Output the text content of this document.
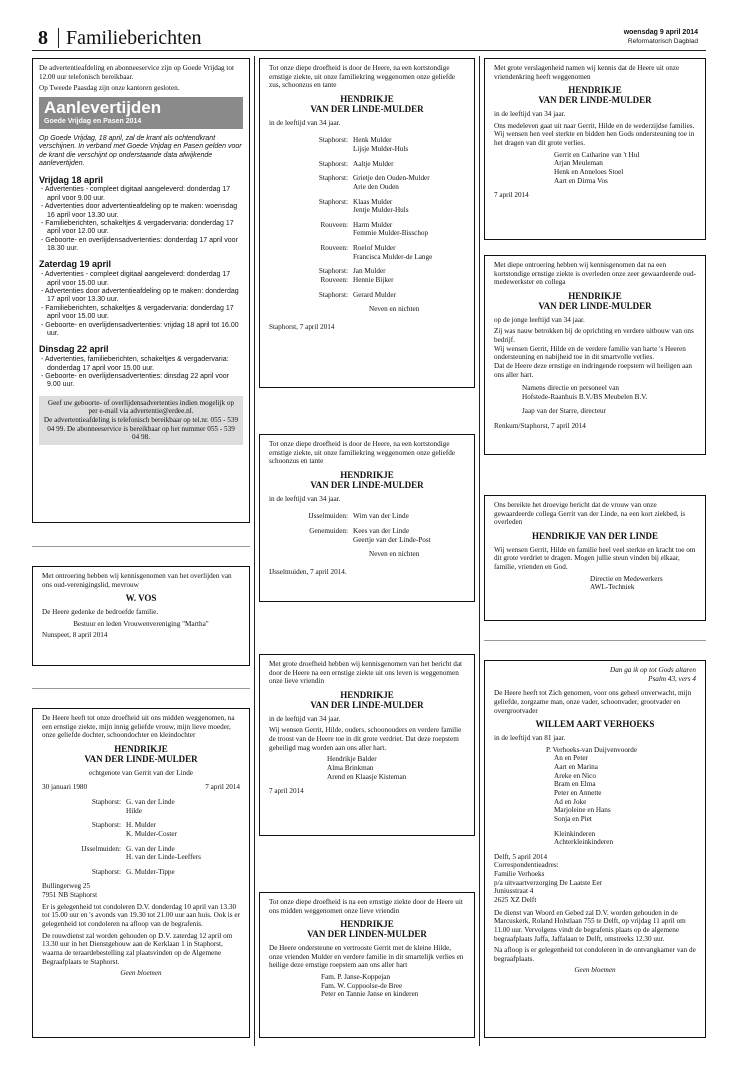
8 Familieberichten	woensdag 9 april 2014
Reformatorisch Dagblad

De advertentieafdeling en abonneeservice zijn op Goede Vrijdag tot 12.00 uur telefonisch bereikbaar.

Op Tweede Paasdag zijn onze kantoren gesloten.

Aanlevertijden
Goede Vrijdag en Pasen 2014

Op Goede Vrijdag, 18 april, zal de krant als ochtendkrant verschijnen. In verband met Goede Vrijdag en Pasen gelden voor de krant die verschijnt op onderstaande data afwijkende aanlevertijden.

Vrijdag 18 april
- Advertenties - compleet digitaal aangeleverd: donderdag 17 april voor 9.00 uur.
- Advertenties door advertentieafdeling op te maken: woensdag 16 april voor 13.30 uur.
- Familieberichten, schakeltjes & vergadervaria: donderdag 17 april voor 12.00 uur.
- Geboorte- en overlijdensadvertenties: donderdag 17 april voor 18.30 uur.
Zaterdag 19 april
- Advertenties - compleet digitaal aangeleverd: donderdag 17 april voor 15.00 uur.
- Advertenties door advertentieafdeling op te maken: donderdag 17 april voor 13.30 uur.
- Familieberichten, schakeltjes & vergadervaria: donderdag 17 april voor 15.00 uur.
- Geboorte- en overlijdensadvertenties: vrijdag 18 april tot 16.00 uur.
Dinsdag 22 april
- Advertenties, familieberichten, schakeltjes & vergadervaria: donderdag 17 april voor 15.00 uur.
- Geboorte- en overlijdensadvertenties: dinsdag 22 april voor 9.00 uur.
Geef uw geboorte- of overlijdensadvertenties indien mogelijk op per e-mail via advertentie@erdee.nl.
De advertentieafdeling is telefonisch bereikbaar op tel.nr. 055 - 539 04 99. De abonneeservice is bereikbaar op het nummer 055 - 539 04 98.

Met ontroering hebben wij kennisgenomen van het overlijden van ons oud-verenigingslid, mevrouw

W. VOS

De Heere gedenke de bedroefde familie.

Bestuur en leden Vrouwenvereniging "Martha"

Nunspeet, 8 april 2014

De Heere heeft tot onze droefheid uit ons midden weggenomen, na een ernstige ziekte, mijn innig geliefde vrouw, mijn lieve moeder, onze geliefde dochter, schoondochter en kleindochter

HENDRIKJE
VAN DER LINDE-MULDER

echtgenote van Gerrit van der Linde

30 januari 1980	7 april 2014
Staphorst: G. van der Linde
Hilde
Staphorst: H. Mulder
K. Mulder-Coster
IJsselmuiden: G. van der Linde
H. van der Linde-Leeffers
Staphorst: G. Mulder-Tippe

Bullingerweg 25
7951 NB Staphorst

Er is gelegenheid tot condoleren D.V. donderdag 10 april van 13.30 tot 15.00 uur en 's avonds van 19.30 tot 21.00 uur aan huis. Ook is er gelegenheid tot condoleren na afloop van de begrafenis.

De rouwdienst zal worden gehouden op D.V. zaterdag 12 april om 13.30 uur in het Dienstgebouw aan de Kerklaan 1 in Staphorst, waarna de teraardebestelling zal plaatsvinden op de Algemene Begraafplaats te Staphorst.

Geen bloemen

Tot onze diepe droefheid is door de Heere, na een kortstondige ernstige ziekte, uit onze familiekring weggenomen onze geliefde zus, schoonzus en tante

HENDRIKJE
VAN DER LINDE-MULDER

in de leeftijd van 34 jaar.

Staphorst: Henk Mulder
Lijsje Mulder-Huls
Staphorst: Aaltje Mulder
Staphorst: Grietje den Ouden-Mulder
Arie den Ouden
Staphorst: Klaas Mulder
Jentje Mulder-Huls
Rouveen: Harm Mulder
Femmie Mulder-Bisschop
Rouveen: Roelof Mulder
Francisca Mulder-de Lange
Staphorst: Jan Mulder
Rouveen: Hennie Bijker
Staphorst: Gerard Mulder

Neven en nichten

Staphorst, 7 april 2014

Tot onze diepe droefheid is door de Heere, na een kortstondige ernstige ziekte, uit onze familiekring weggenomen onze geliefde schoonzus en tante

HENDRIKJE
VAN DER LINDE-MULDER

in de leeftijd van 34 jaar.

IJsselmuiden: Wim van der Linde
Genemuiden: Kees van der Linde
Geertje van der Linde-Post

Neven en nichten

IJsselmuiden, 7 april 2014.

Met grote droefheid hebben wij kennisgenomen van het bericht dat door de Heere na een ernstige ziekte uit ons leven is weggenomen onze lieve vriendin

HENDRIKJE
VAN DER LINDE-MULDER

in de leeftijd van 34 jaar.

Wij wensen Gerrit, Hilde, ouders, schoonouders en verdere familie de troost van de Heere toe in dit grote verdriet. Dat deze roepstem geheiligd mag worden aan ons aller hart.

Hendrikje Balder
Alma Brinkman
Arend en Klaasje Kisteman

7 april 2014

Tot onze diepe droefheid is na een ernstige ziekte door de Heere uit ons midden weggenomen onze lieve vriendin

HENDRIKJE
VAN DER LINDEN-MULDER

De Heere ondersteune en vertrooste Gerrit met de kleine Hilde, onze vrienden Mulder en verdere familie in dit smartelijk verlies en heilige deze ernstige roepstem aan ons aller hart

Fam. P. Janse-Koppejan
Fam. W. Coppoolse-de Bree
Peter en Tannie Janse en kinderen

Met grote verslagenheid namen wij kennis dat de Heere uit onze vriendenkring heeft weggenomen

HENDRIKJE
VAN DER LINDE-MULDER

in de leeftijd van 34 jaar.

Ons medeleven gaat uit naar Gerrit, Hilde en de wederzijdse families. Wij wensen hen veel sterkte en bidden hen Gods ondersteuning toe in het dragen van dit grote verlies.

Gerrit en Catharine van 't Hul
Arjan Meuleman
Henk en Anneloes Stoel
Aart en Dirma Vos

7 april 2014

Met diepe ontroering hebben wij kennisgenomen dat na een kortstondige ernstige ziekte is overleden onze zeer gewaardeerde oud-medewerkster en collega

HENDRIKJE
VAN DER LINDE-MULDER

op de jonge leeftijd van 34 jaar.

Zij was nauw betrokken bij de oprichting en verdere uitbouw van ons bedrijf.
Wij wensen Gerrit, Hilde en de verdere familie van harte 's Heeren ondersteuning en nabijheid toe in dit smartvolle verlies.
Dat de Heere deze ernstige en indringende roepstem wil heiligen aan ons aller hart.
Namens directie en personeel van
Hofstede-Raanhuis B.V./BS Meubelen B.V.
Jaap van der Starre, directeur

Renkum/Staphorst, 7 april 2014

Ons bereikte het droevige bericht dat de vrouw van onze gewaardeerde collega Gerrit van der Linde, na een kort ziekbed, is overleden

HENDRIKJE VAN DER LINDE

Wij wensen Gerrit, Hilde en familie heel veel sterkte en kracht toe om dit grote verdriet te dragen. Mogen jullie steun vinden bij elkaar, familie, vrienden en God.

Directie en Medewerkers
AWL-Techniek
Dan ga ik op tot Gods altaren
Psalm 43, vers 4

De Heere heeft tot Zich genomen, voor ons geheel onverwacht, mijn geliefde, zorgzame man, onze vader, schoonvader, grootvader en overgrootvader

WILLEM AART VERHOEKS

in de leeftijd van 81 jaar.

P. Verhoeks-van Duijvenvoorde
An en Peter
Aart en Marina
Areke en Nico
Bram en Elma
Peter en Annette
Ad en Joke
Marjoleine en Hans
Sonja en Piet
Kleinkinderen
Achterkleinkinderen
Delft, 5 april 2014
Correspondentieadres:
Familie Verhoeks
p/a uitvaartverzorging De Laatste Eer
Juniusstraat 4
2625 XZ Delft

De dienst van Woord en Gebed zal D.V. worden gehouden in de Marcuskerk, Roland Holstlaan 755 te Delft, op vrijdag 11 april om 11.00 uur. Vervolgens vindt de begrafenis plaats op de algemene begraafplaats Jaffa, Jaffalaan te Delft, omstreeks 12.30 uur.

Na afloop is er gelegenheid tot condoleren in de ontvangkamer van de begraafplaats.

Geen bloemen
